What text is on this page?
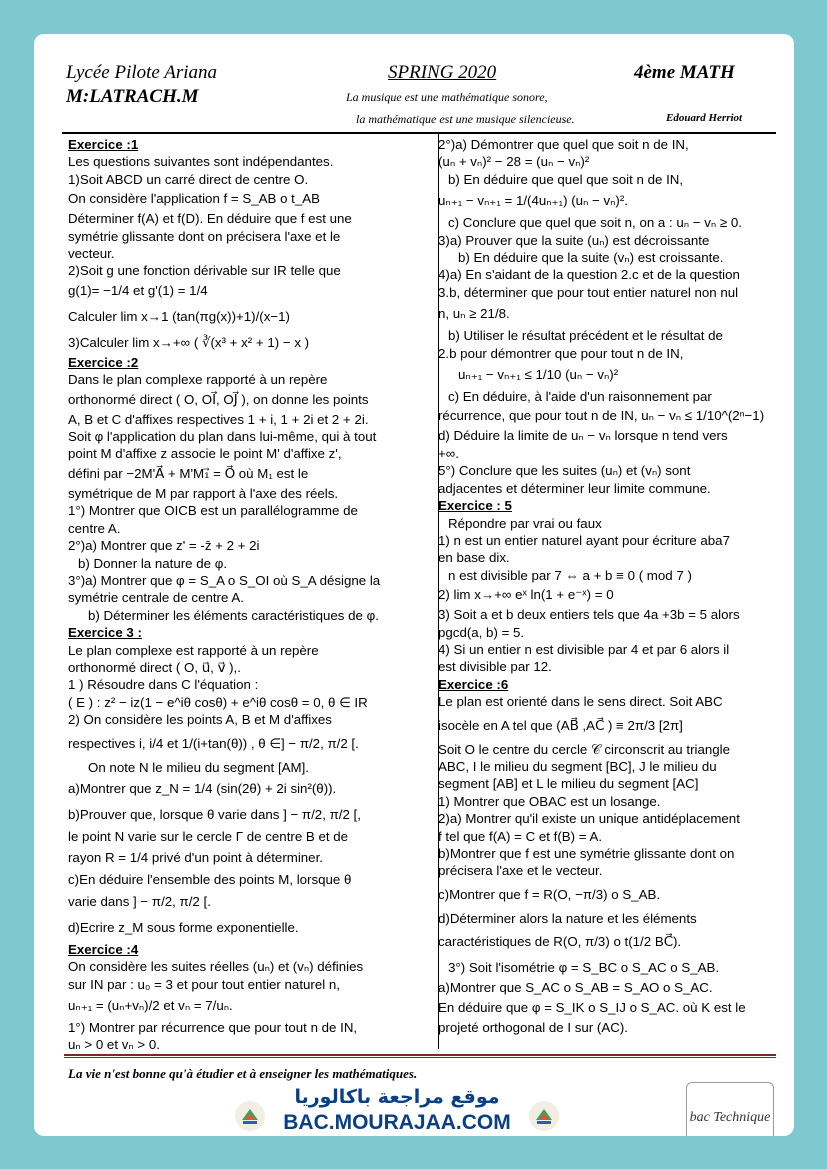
Lycée Pilote Ariana	SPRING 2020	4ème MATH
M:LATRACH.M	La musique est une mathématique sonore,
la mathématique est une musique silencieuse.	Edouard Herriot
Exercice :1
Les questions suivantes sont indépendantes.
1)Soit ABCD un carré direct de centre O.
On considère l'application f = S_AB o t_AB
Déterminer f(A) et f(D). En déduire que f est une
symétrie glissante dont on précisera l'axe et le
vecteur.
2)Soit g une fonction dérivable sur IR telle que
g(1)= −1/4 et g'(1) = 1/4
Calculer lim x→1 (tan(πg(x))+1)/(x−1)
3)Calculer lim x→+∞ ( ∛(x³ + x² + 1) − x )
Exercice :2
Dans le plan complexe rapporté à un repère
orthonormé direct ( O, OI⃗, OJ⃗ ), on donne les points
A, B et C d'affixes respectives 1 + i, 1 + 2i et 2 + 2i.
Soit φ l'application du plan dans lui-même, qui à tout
point M d'affixe z associe le point M' d'affixe z',
défini par −2M'A⃗ + M'M₁⃗ = O⃗ où M₁ est le
symétrique de M par rapport à l'axe des réels.
1°) Montrer que OICB est un parallélogramme de
centre A.
2°)a) Montrer que z' = -z̄ + 2 + 2i
b) Donner la nature de φ.
3°)a) Montrer que φ = S_A o S_OI où S_A désigne la
symétrie centrale de centre A.
b) Déterminer les éléments caractéristiques de φ.
Exercice 3 :
Le plan complexe est rapporté à un repère
orthonormé direct ( O, u⃗, v⃗ ),.
1 ) Résoudre dans C l'équation :
( E ) : z² − iz(1 − e^iθ cosθ) + e^iθ cosθ = 0, θ ∈ IR
2) On considère les points A, B et M d'affixes
respectives i, i/4 et 1/(i+tan(θ)) , θ ∈] − π/2, π/2 [.
On note N le milieu du segment [AM].
a)Montrer que z_N = 1/4 (sin(2θ) + 2i sin²(θ)).
b)Prouver que, lorsque θ varie dans ] − π/2, π/2 [,
le point N varie sur le cercle Γ de centre B et de
rayon R = 1/4 privé d'un point à déterminer.
c)En déduire l'ensemble des points M, lorsque θ
varie dans ] − π/2, π/2 [.
d)Ecrire z_M sous forme exponentielle.
Exercice :4
On considère les suites réelles (uₙ) et (vₙ) définies
sur IN par : u₀ = 3 et pour tout entier naturel n,
uₙ₊₁ = (uₙ+vₙ)/2 et vₙ = 7/uₙ.
1°) Montrer par récurrence que pour tout n de IN,
uₙ > 0 et vₙ > 0.
2°)a) Démontrer que quel que soit n de IN,
(uₙ + vₙ)² − 28 = (uₙ − vₙ)²
b) En déduire que quel que soit n de IN,
uₙ₊₁ − vₙ₊₁ = 1/(4uₙ₊₁) (uₙ − vₙ)².
c) Conclure que quel que soit n, on a : uₙ − vₙ ≥ 0.
3)a) Prouver que la suite (uₙ) est décroissante
b) En déduire que la suite (vₙ) est croissante.
4)a) En s'aidant de la question 2.c et de la question
3.b, déterminer que pour tout entier naturel non nul
n, uₙ ≥ 21/8.
b) Utiliser le résultat précédent et le résultat de
2.b pour démontrer que pour tout n de IN,
uₙ₊₁ − vₙ₊₁ ≤ 1/10 (uₙ − vₙ)²
c) En déduire, à l'aide d'un raisonnement par
récurrence, que pour tout n de IN, uₙ − vₙ ≤ 1/10^(2ⁿ−1)
d) Déduire la limite de uₙ − vₙ lorsque n tend vers
+∞.
5°) Conclure que les suites (uₙ) et (vₙ) sont
adjacentes et déterminer leur limite commune.
Exercice : 5
Répondre par vrai ou faux
1) n est un entier naturel ayant pour écriture aba7
en base dix.
n est divisible par 7 ⇔ a + b ≡ 0 ( mod 7 )
2) lim x→+∞ eˣ ln(1 + e⁻ˣ) = 0
3) Soit a et b deux entiers tels que 4a +3b = 5 alors
pgcd(a, b) = 5.
4) Si un entier n est divisible par 4 et par 6 alors il
est divisible par 12.
Exercice :6
Le plan est orienté dans le sens direct. Soit ABC
isocèle en A tel que (AB⃗ ,AC⃗ ) ≡ 2π/3 [2π]
Soit O le centre du cercle 𝒞 circonscrit au triangle
ABC, I le milieu du segment [BC], J le milieu du
segment [AB] et L le milieu du segment [AC]
1) Montrer que OBAC est un losange.
2)a) Montrer qu'il existe un unique antidéplacement
f tel que f(A) = C et f(B) = A.
b)Montrer que f est une symétrie glissante dont on
précisera l'axe et le vecteur.
c)Montrer que f = R(O, −π/3) o S_AB.
d)Déterminer alors la nature et les éléments
caractéristiques de R(O, π/3) o t(1/2 BC⃗).
3°) Soit l'isométrie φ = S_BC o S_AC o S_AB.
a)Montrer que S_AC o S_AB = S_AO o S_AC.
En déduire que φ = S_IK o S_IJ o S_AC. où K est le
projeté orthogonal de I sur (AC).
La vie n'est bonne qu'à étudier et à enseigner les mathématiques.
موقع مراجعة باكالوريا
BAC.MOURAJAA.COM	bac Technique
